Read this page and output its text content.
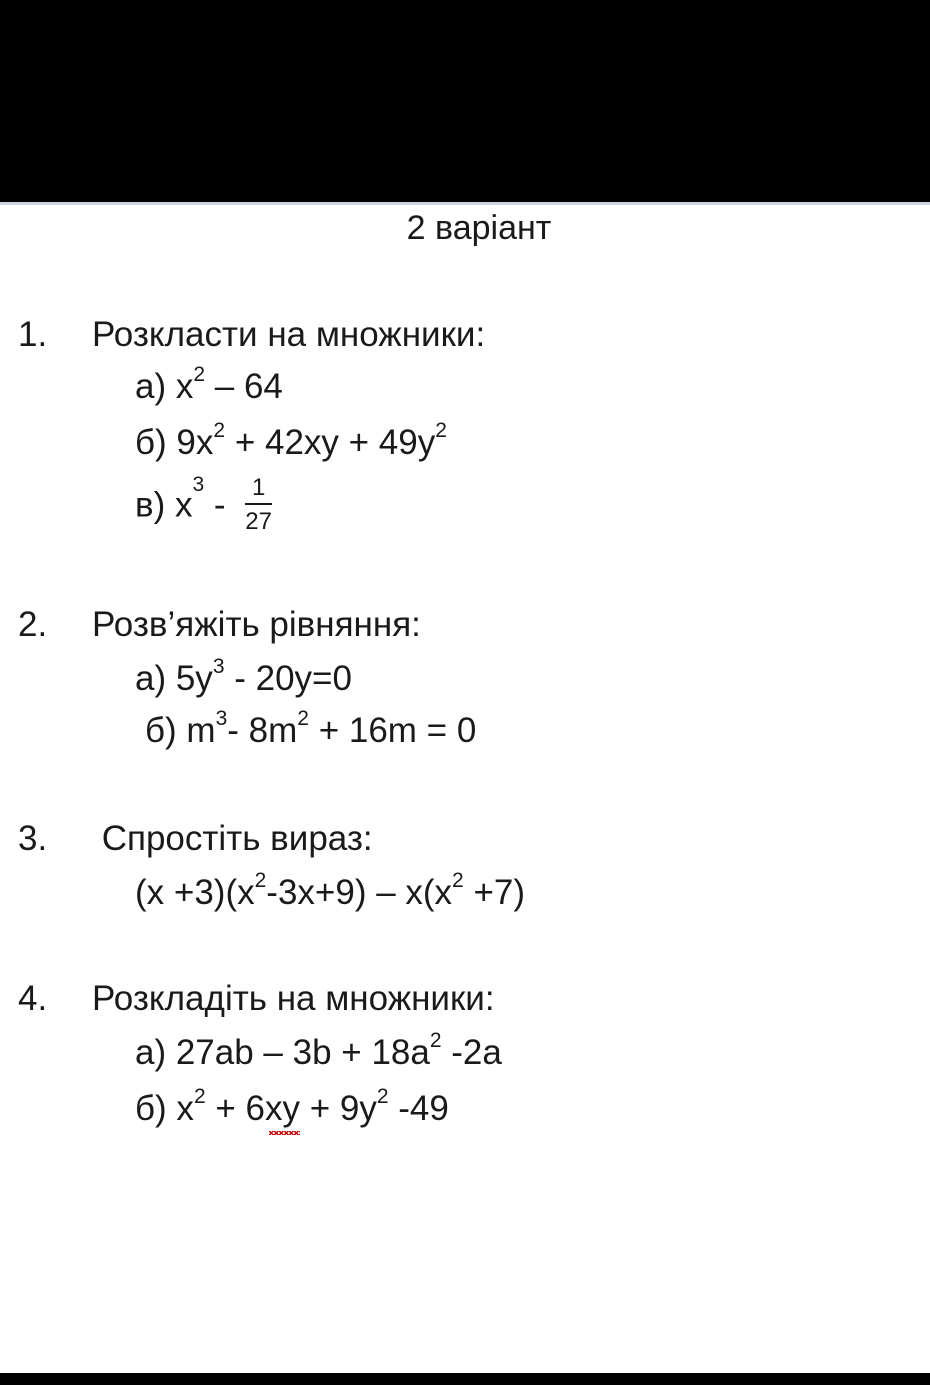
2 варіант
1. Розкласти на множники:
а) $x^2 - 64$
б) $9x^2 + 42xy + 49y^2$
в) $x^3 - \frac{1}{27}$
2. Розв’яжіть рівняння:
а) $5y^3 - 20y=0$
б) $m^3-$ $8m^2 + 16m = 0$
3. Спростіть вираз:
$(x +3)(x^2-3x+9) - x(x^2 +7)$
4. Розкладіть на множники:
а) $27ab - 3b + 18a^2$ -2a
б) $x^2 + 6xy + 9y^2$ -49
